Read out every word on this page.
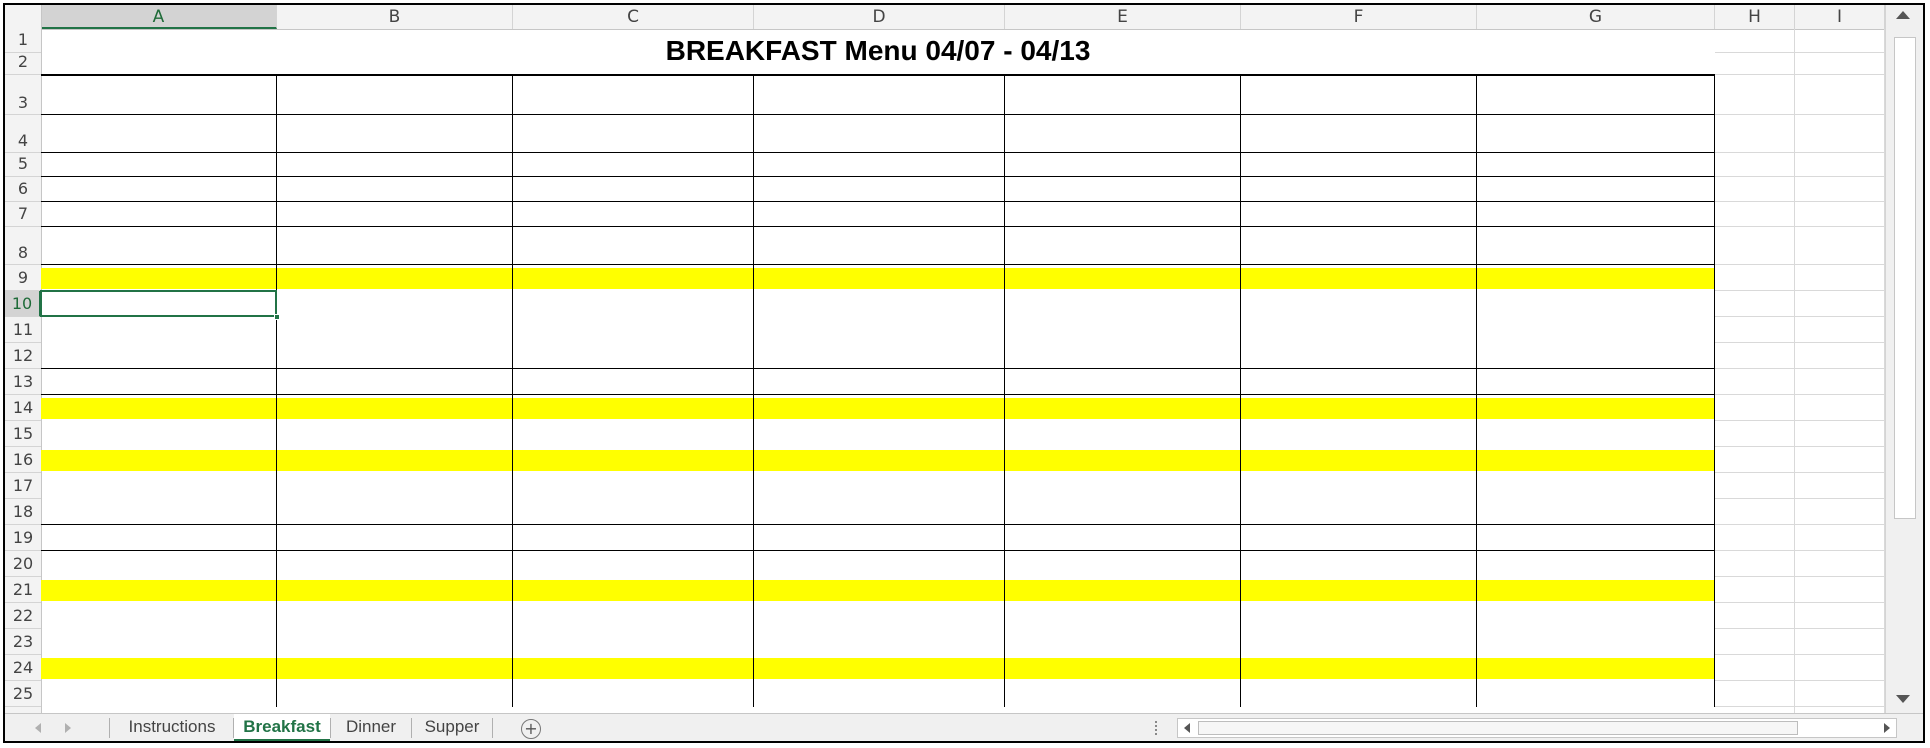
A	B	C	D	E	F	G	H	I
1
2
3
4
5
6
7
8
9
10
11
12
13
14
15
16
17
18
19
20
21
22
23
24
25
BREAKFAST Menu 04/07 - 04/13
Instructions	Breakfast	Dinner	Supper	+
